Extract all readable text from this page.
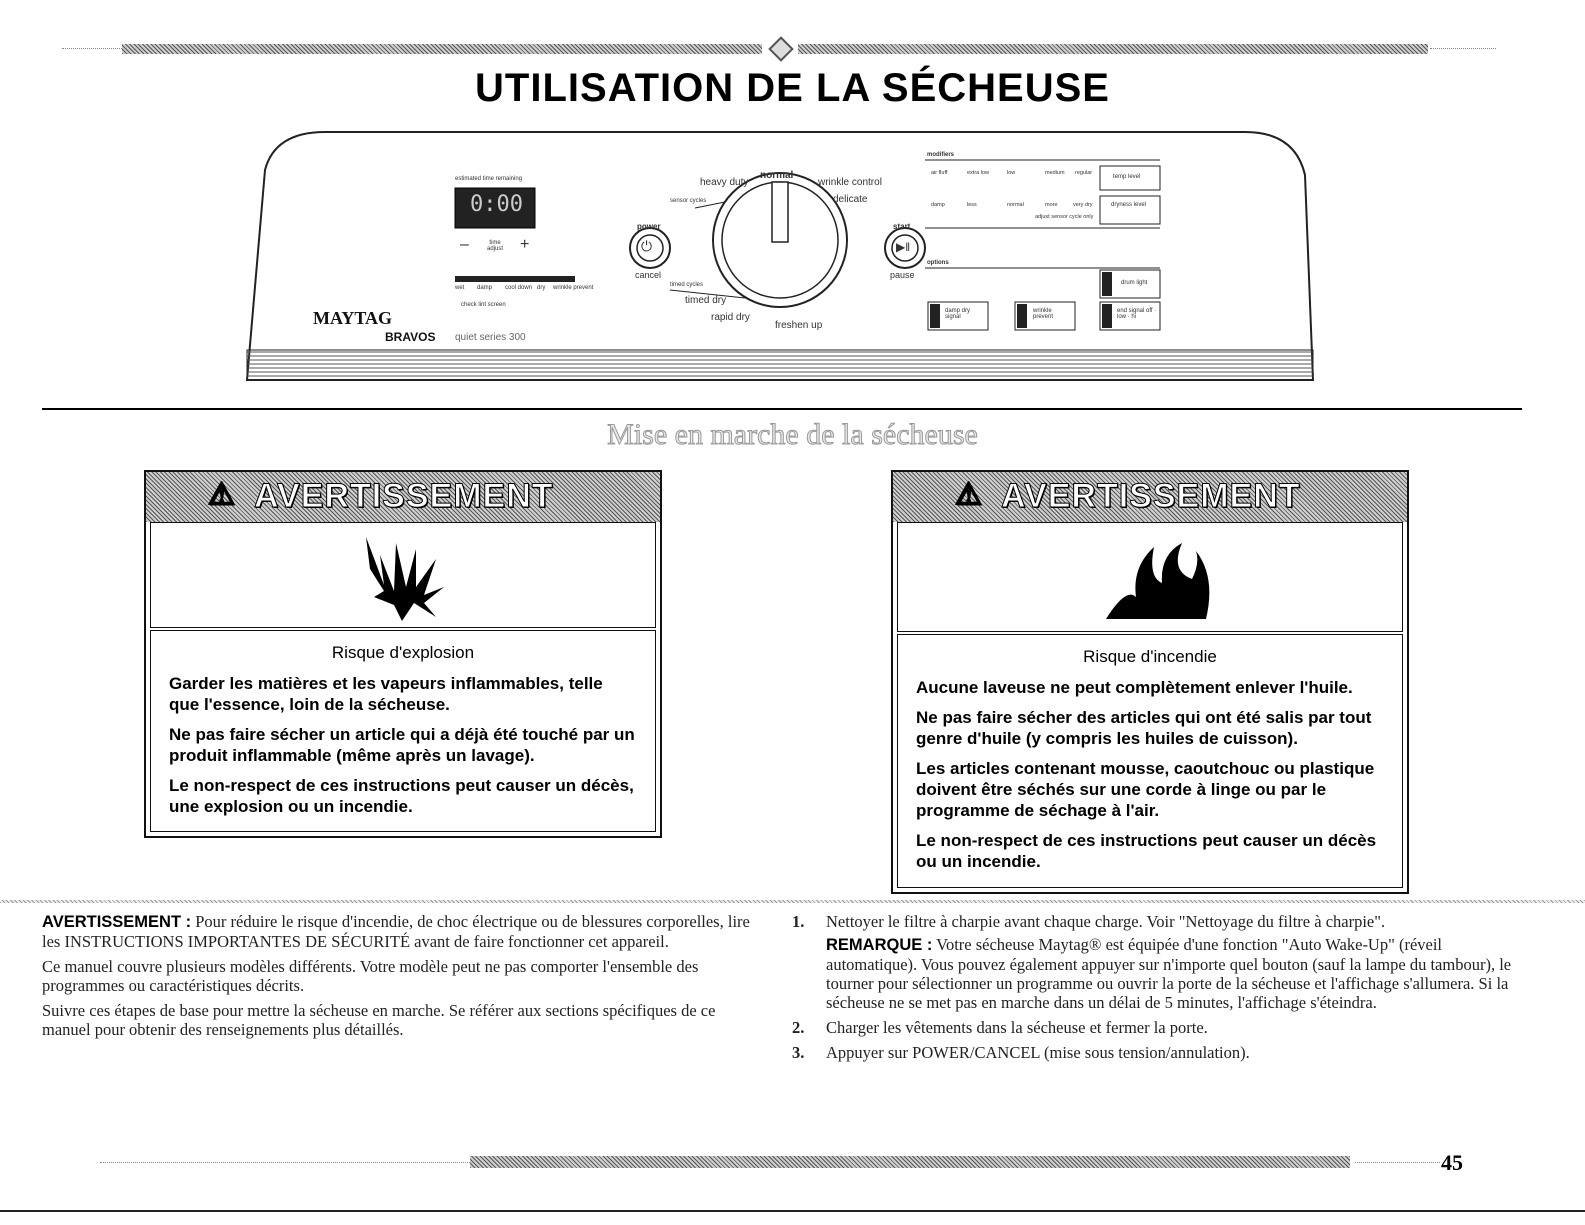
UTILISATION DE LA SÉCHEUSE
estimated time remaining
0:00
–	time adjust +
wet damp cool down dry wrinkle prevent
check lint screen
MAYTAG
BRAVOS quiet series 300
power
⏻
cancel
normal
heavy duty	wrinkle control
delicate
sensor cycles
timed cycles
timed dry
rapid dry
freshen up
start
▶‖
pause
modifiers
air fluff	extra low	low	medium regular
temp level
damp	less	normal	more	very dry
adjust sensor cycle only
dryness level
options
drum light
damp dry signal
wrinkle prevent
end signal off · low · hi
Mise en marche de la sécheuse
⚠ AVERTISSEMENT
Risque d'explosion

Garder les matières et les vapeurs inflammables, telle que l'essence, loin de la sécheuse.

Ne pas faire sécher un article qui a déjà été touché par un produit inflammable (même après un lavage).

Le non-respect de ces instructions peut causer un décès, une explosion ou un incendie.

⚠ AVERTISSEMENT
Risque d'incendie

Aucune laveuse ne peut complètement enlever l'huile.

Ne pas faire sécher des articles qui ont été salis par tout genre d'huile (y compris les huiles de cuisson).

Les articles contenant mousse, caoutchouc ou plastique doivent être séchés sur une corde à linge ou par le programme de séchage à l'air.

Le non-respect de ces instructions peut causer un décès ou un incendie.

AVERTISSEMENT : Pour réduire le risque d'incendie, de choc électrique ou de blessures corporelles, lire les INSTRUCTIONS IMPORTANTES DE SÉCURITÉ avant de faire fonctionner cet appareil.

Ce manuel couvre plusieurs modèles différents. Votre modèle peut ne pas comporter l'ensemble des programmes ou caractéristiques décrits.

Suivre ces étapes de base pour mettre la sécheuse en marche. Se référer aux sections spécifiques de ce manuel pour obtenir des renseignements plus détaillés.

1. Nettoyer le filtre à charpie avant chaque charge. Voir "Nettoyage du filtre à charpie".
REMARQUE : Votre sécheuse Maytag® est équipée d'une fonction "Auto Wake-Up" (réveil automatique). Vous pouvez également appuyer sur n'importe quel bouton (sauf la lampe du tambour), le tourner pour sélectionner un programme ou ouvrir la porte de la sécheuse et l'affichage s'allumera. Si la sécheuse ne se met pas en marche dans un délai de 5 minutes, l'affichage s'éteindra.
2. Charger les vêtements dans la sécheuse et fermer la porte.
3. Appuyer sur POWER/CANCEL (mise sous tension/annulation).
45
